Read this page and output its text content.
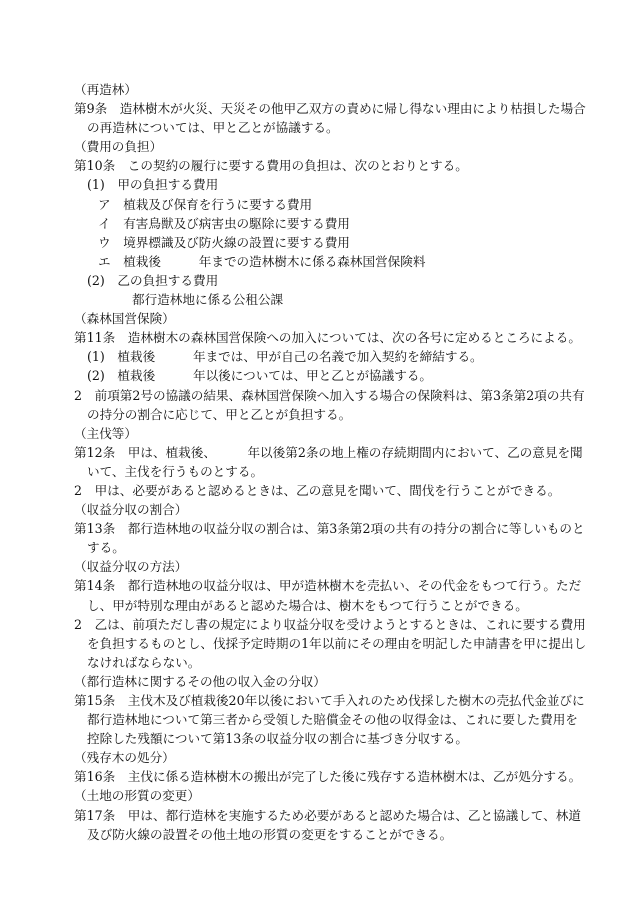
（再造林）
第9条　造林樹木が火災、天災その他甲乙双方の責めに帰し得ない理由により枯損した場合
の再造林については、甲と乙とが協議する。
（費用の負担）
第10条　この契約の履行に要する費用の負担は、次のとおりとする。
(1)　甲の負担する費用
ア　植栽及び保育を行うに要する費用
イ　有害鳥獣及び病害虫の駆除に要する費用
ウ　境界標識及び防火線の設置に要する費用
エ　植栽後　　　年までの造林樹木に係る森林国営保険料
(2)　乙の負担する費用
都行造林地に係る公租公課
（森林国営保険）
第11条　造林樹木の森林国営保険への加入については、次の各号に定めるところによる。
(1)　植栽後　　　年までは、甲が自己の名義で加入契約を締結する。
(2)　植栽後　　　年以後については、甲と乙とが協議する。
2　前項第2号の協議の結果、森林国営保険へ加入する場合の保険料は、第3条第2項の共有
の持分の割合に応じて、甲と乙とが負担する。
（主伐等）
第12条　甲は、植栽後、　　　年以後第2条の地上権の存続期間内において、乙の意見を聞
いて、主伐を行うものとする。
2　甲は、必要があると認めるときは、乙の意見を聞いて、間伐を行うことができる。
（収益分収の割合）
第13条　都行造林地の収益分収の割合は、第3条第2項の共有の持分の割合に等しいものと
する。
（収益分収の方法）
第14条　都行造林地の収益分収は、甲が造林樹木を売払い、その代金をもつて行う。ただ
し、甲が特別な理由があると認めた場合は、樹木をもつて行うことができる。
2　乙は、前項ただし書の規定により収益分収を受けようとするときは、これに要する費用
を負担するものとし、伐採予定時期の1年以前にその理由を明記した申請書を甲に提出し
なければならない。
（都行造林に関するその他の収入金の分収）
第15条　主伐木及び植栽後20年以後において手入れのため伐採した樹木の売払代金並びに
都行造林地について第三者から受領した賠償金その他の収得金は、これに要した費用を
控除した残額について第13条の収益分収の割合に基づき分収する。
（残存木の処分）
第16条　主伐に係る造林樹木の搬出が完了した後に残存する造林樹木は、乙が処分する。
（土地の形質の変更）
第17条　甲は、都行造林を実施するため必要があると認めた場合は、乙と協議して、林道
及び防火線の設置その他土地の形質の変更をすることができる。
